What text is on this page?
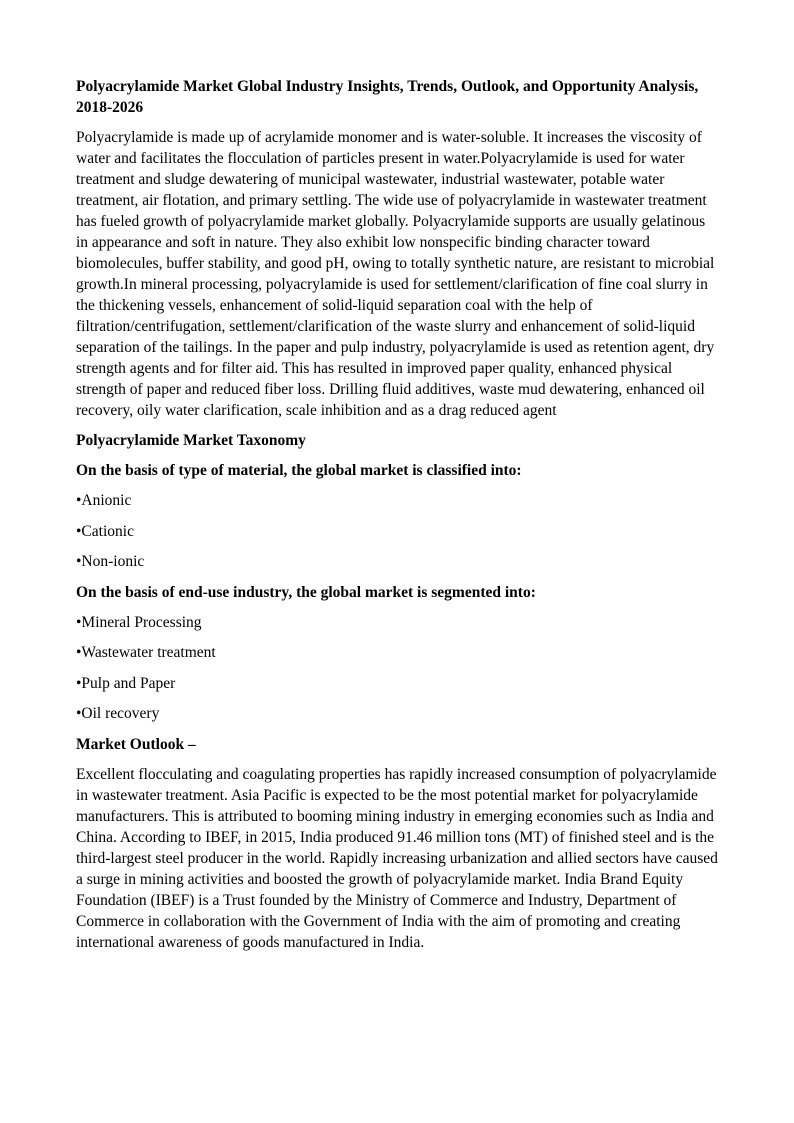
Polyacrylamide Market Global Industry Insights, Trends, Outlook, and Opportunity Analysis, 2018-2026

Polyacrylamide is made up of acrylamide monomer and is water-soluble. It increases the viscosity of water and facilitates the flocculation of particles present in water.Polyacrylamide is used for water treatment and sludge dewatering of municipal wastewater, industrial wastewater, potable water treatment, air flotation, and primary settling. The wide use of polyacrylamide in wastewater treatment has fueled growth of polyacrylamide market globally. Polyacrylamide supports are usually gelatinous in appearance and soft in nature. They also exhibit low nonspecific binding character toward biomolecules, buffer stability, and good pH, owing to totally synthetic nature, are resistant to microbial growth.In mineral processing, polyacrylamide is used for settlement/clarification of fine coal slurry in the thickening vessels, enhancement of solid-liquid separation coal with the help of filtration/centrifugation, settlement/clarification of the waste slurry and enhancement of solid-liquid separation of the tailings. In the paper and pulp industry, polyacrylamide is used as retention agent, dry strength agents and for filter aid. This has resulted in improved paper quality, enhanced physical strength of paper and reduced fiber loss. Drilling fluid additives, waste mud dewatering, enhanced oil recovery, oily water clarification, scale inhibition and as a drag reduced agent

Polyacrylamide Market Taxonomy

On the basis of type of material, the global market is classified into:

•Anionic

•Cationic

•Non-ionic

On the basis of end-use industry, the global market is segmented into:

•Mineral Processing

•Wastewater treatment

•Pulp and Paper

•Oil recovery

Market Outlook –

Excellent flocculating and coagulating properties has rapidly increased consumption of polyacrylamide in wastewater treatment. Asia Pacific is expected to be the most potential market for polyacrylamide manufacturers. This is attributed to booming mining industry in emerging economies such as India and China. According to IBEF, in 2015, India produced 91.46 million tons (MT) of finished steel and is the third-largest steel producer in the world. Rapidly increasing urbanization and allied sectors have caused a surge in mining activities and boosted the growth of polyacrylamide market. India Brand Equity Foundation (IBEF) is a Trust founded by the Ministry of Commerce and Industry, Department of Commerce in collaboration with the Government of India with the aim of promoting and creating international awareness of goods manufactured in India.
